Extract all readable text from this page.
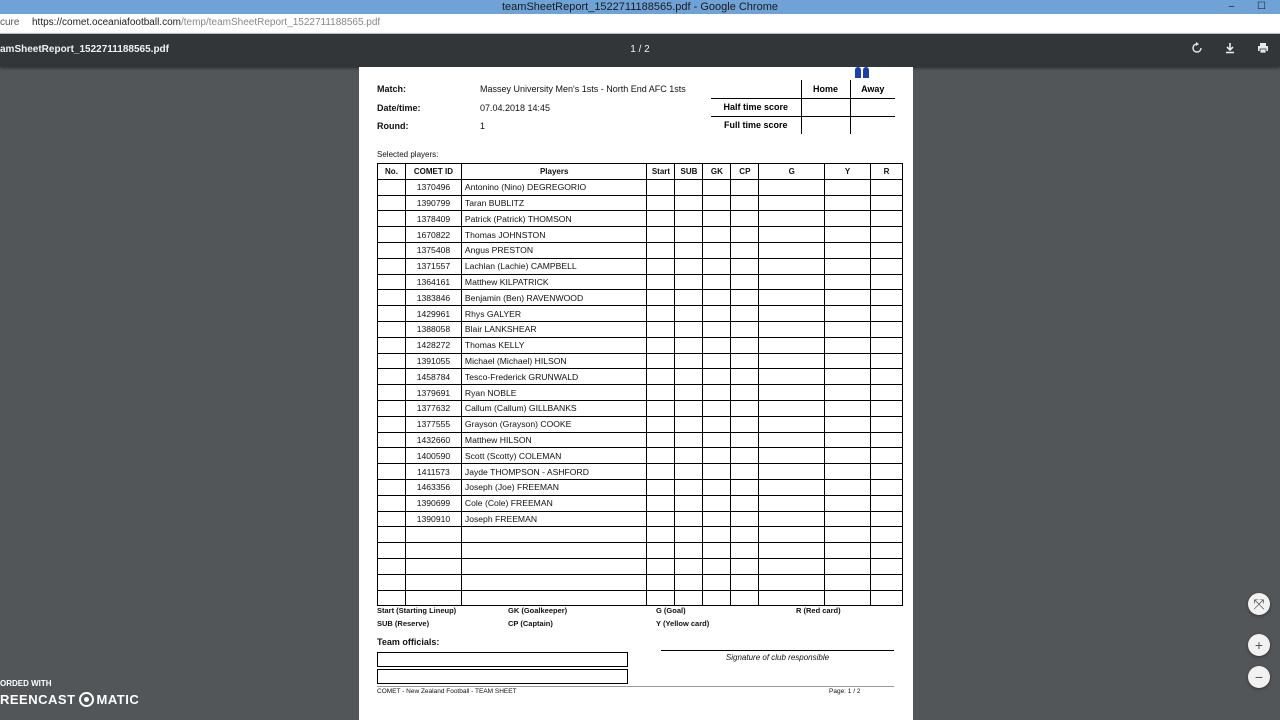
teamSheetReport_1522711188565.pdf - Google Chrome	– ☐
cure https://comet.oceaniafootball.com/temp/teamSheetReport_1522711188565.pdf
amSheetReport_1522711188565.pdf	1 / 2
Match:	Massey University Men's 1sts - North End AFC 1sts
Date/time:	07.04.2018 14:45
Round:	1
	Home	Away
Half time score		
Full time score		
Selected players:
No.	COMET ID	Players	Start	SUB	GK	CP	G	Y	R
	1370496	Antonino (Nino) DEGREGORIO							
	1390799	Taran BUBLITZ							
	1378409	Patrick (Patrick) THOMSON							
	1670822	Thomas JOHNSTON							
	1375408	Angus PRESTON							
	1371557	Lachlan (Lachie) CAMPBELL							
	1364161	Matthew KILPATRICK							
	1383846	Benjamin (Ben) RAVENWOOD							
	1429961	Rhys GALYER							
	1388058	Blair LANKSHEAR							
	1428272	Thomas KELLY							
	1391055	Michael (Michael) HILSON							
	1458784	Tesco-Frederick GRUNWALD							
	1379691	Ryan NOBLE							
	1377632	Callum (Callum) GILLBANKS							
	1377555	Grayson (Grayson) COOKE							
	1432660	Matthew HILSON							
	1400590	Scott (Scotty) COLEMAN							
	1411573	Jayde THOMPSON - ASHFORD							
	1463356	Joseph (Joe) FREEMAN							
	1390699	Cole (Cole) FREEMAN							
	1390910	Joseph FREEMAN							

Start (Starting Lineup)
SUB (Reserve)
GK (Goalkeeper)
CP (Captain)
G (Goal)
Y (Yellow card)
R (Red card)
Team officials:
Signature of club responsible
COMET - New Zealand Football - TEAM SHEET	Page: 1 / 2
⤧
+
−
ORDED WITH
REENCAST MATIC
